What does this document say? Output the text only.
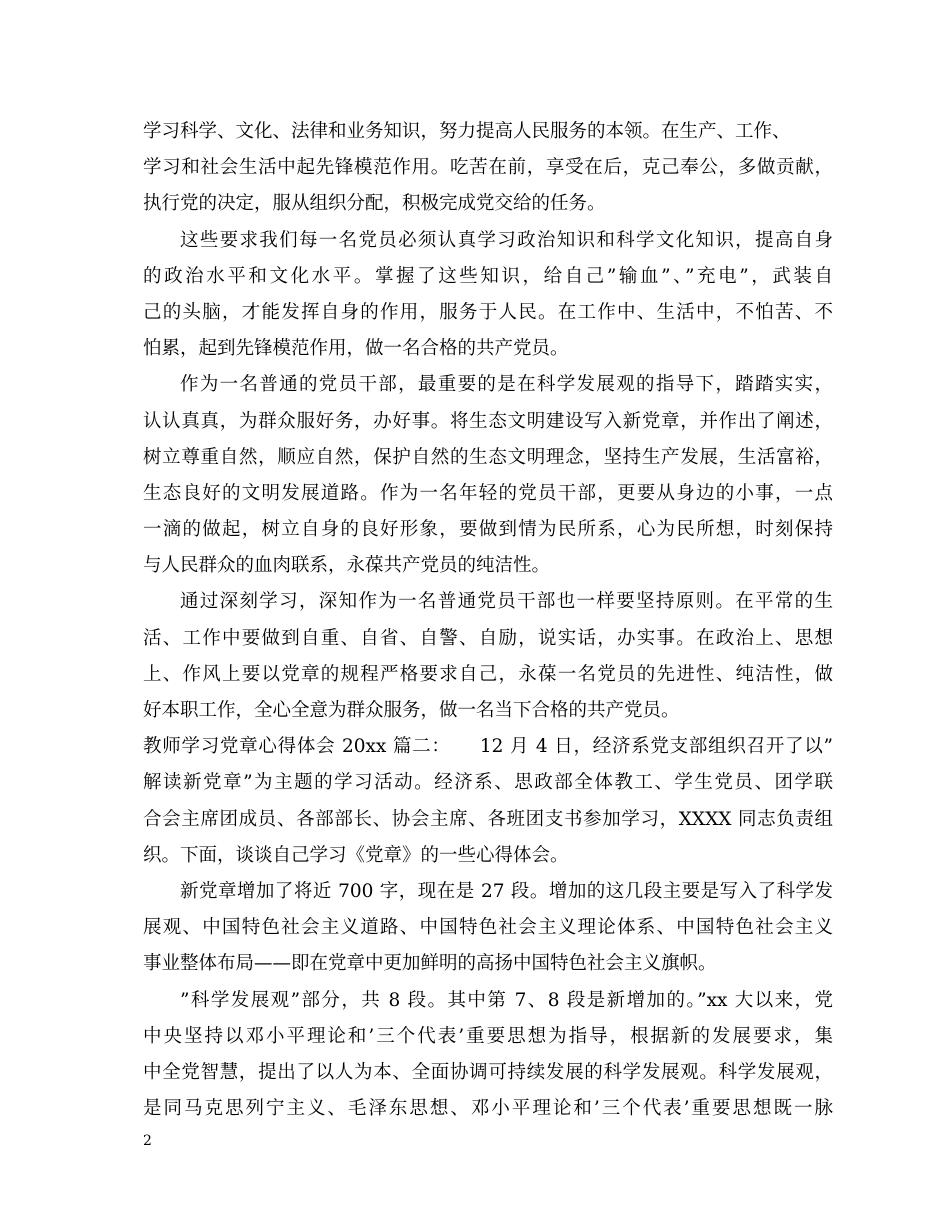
学习科学、文化、法律和业务知识，努力提高人民服务的本领。在生产、工作、
学习和社会生活中起先锋模范作用。吃苦在前，享受在后，克己奉公，多做贡献，
执行党的决定，服从组织分配，积极完成党交给的任务。
这些要求我们每一名党员必须认真学习政治知识和科学文化知识，提高自身
的政治水平和文化水平。掌握了这些知识，给自己”输血”、”充电”，武装自
己的头脑，才能发挥自身的作用，服务于人民。在工作中、生活中，不怕苦、不
怕累，起到先锋模范作用，做一名合格的共产党员。
作为一名普通的党员干部，最重要的是在科学发展观的指导下，踏踏实实，
认认真真，为群众服好务，办好事。将生态文明建设写入新党章，并作出了阐述，
树立尊重自然，顺应自然，保护自然的生态文明理念，坚持生产发展，生活富裕，
生态良好的文明发展道路。作为一名年轻的党员干部，更要从身边的小事，一点
一滴的做起，树立自身的良好形象，要做到情为民所系，心为民所想，时刻保持
与人民群众的血肉联系，永葆共产党员的纯洁性。
通过深刻学习，深知作为一名普通党员干部也一样要坚持原则。在平常的生
活、工作中要做到自重、自省、自警、自励，说实话，办实事。在政治上、思想
上、作风上要以党章的规程严格要求自己，永葆一名党员的先进性、纯洁性，做
好本职工作，全心全意为群众服务，做一名当下合格的共产党员。
教师学习党章心得体会 20xx 篇二：　　12 月 4 日，经济系党支部组织召开了以”
解读新党章”为主题的学习活动。经济系、思政部全体教工、学生党员、团学联
合会主席团成员、各部部长、协会主席、各班团支书参加学习，XXXX 同志负责组
织。下面，谈谈自己学习《党章》的一些心得体会。
新党章增加了将近 700 字，现在是 27 段。增加的这几段主要是写入了科学发
展观、中国特色社会主义道路、中国特色社会主义理论体系、中国特色社会主义
事业整体布局——即在党章中更加鲜明的高扬中国特色社会主义旗帜。
”科学发展观”部分，共 8 段。其中第 7、8 段是新增加的。”xx 大以来，党
中央坚持以邓小平理论和’三个代表’重要思想为指导，根据新的发展要求，集
中全党智慧，提出了以人为本、全面协调可持续发展的科学发展观。科学发展观，
是同马克思列宁主义、毛泽东思想、邓小平理论和’三个代表’重要思想既一脉
2
